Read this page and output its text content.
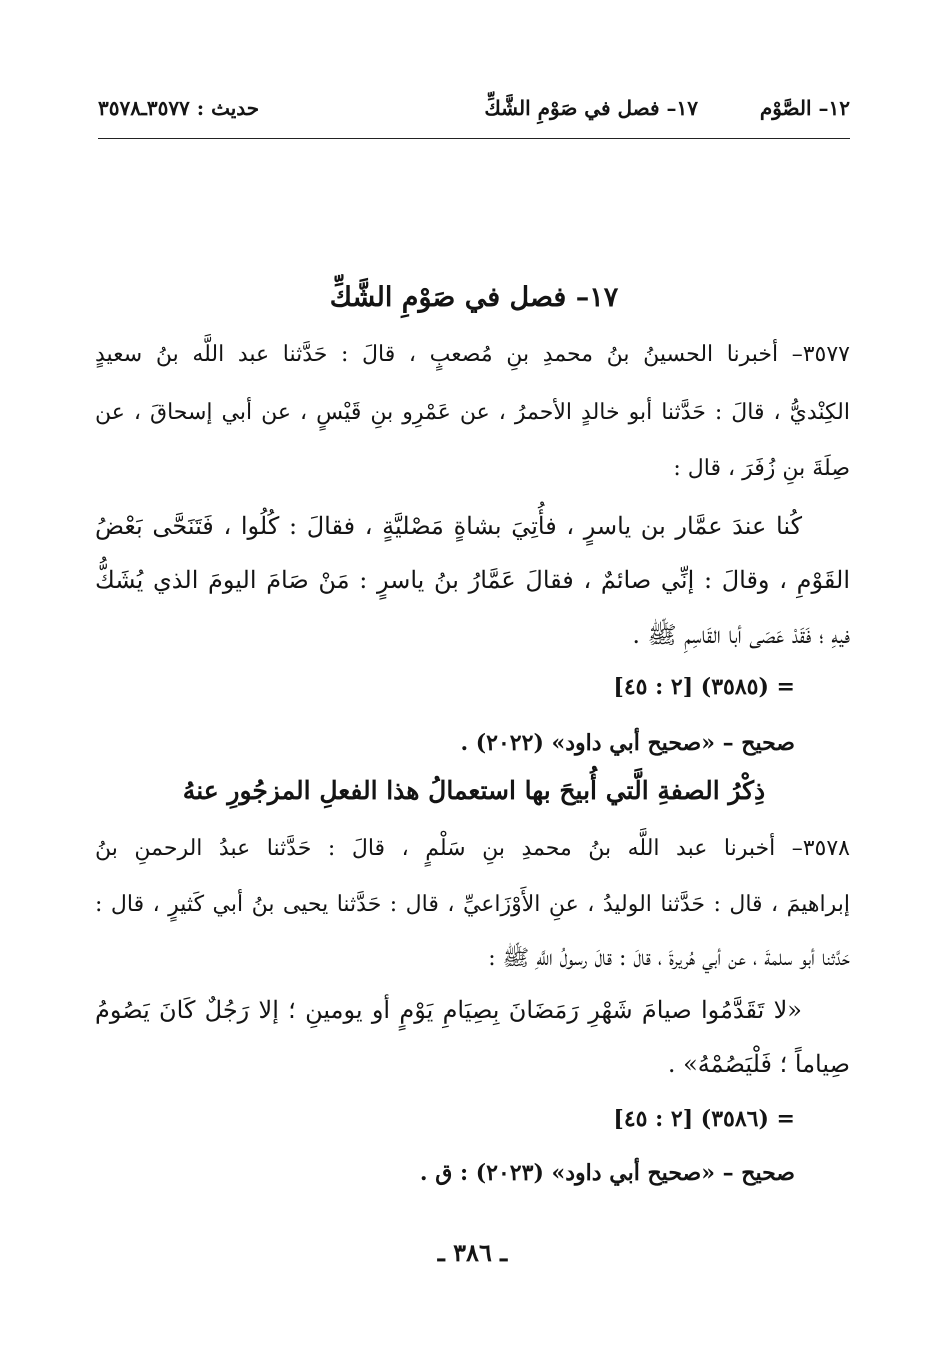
١٢– الصَّوْم
١٧– فصل في صَوْمِ الشَّكِّ
حديث : ٣٥٧٧ـ٣٥٧٨
١٧– فصل في صَوْمِ الشَّكِّ
٣٥٧٧– أخبرنا الحسينُ بنُ محمدِ بنِ مُصعبٍ ، قالَ : حَدَّثنا عبد اللَّه بنُ سعيدٍ
الكِنْديُّ ، قالَ : حَدَّثنا أبو خالدٍ الأحمرُ ، عن عَمْرِو بنِ قَيْسٍ ، عن أبي إسحاقَ ، عن
صِلَةَ بنِ زُفَرَ ، قال :
كُنا عندَ عمَّار بن ياسرٍ ، فأُتِيَ بشاةٍ مَصْليَّةٍ ، فقالَ : كُلُوا ، فَتَنَحَّى بَعْضُ
القَوْمِ ، وقالَ : إنِّي صائمٌ ، فقالَ عَمَّارُ بنُ ياسرٍ : مَنْ صَامَ اليومَ الذي يُشَكُّ
فيهِ ؛ فَقَدْ عَصَى أبا القَاسِمِ ﷺ .
= (٣٥٨٥) [٢ : ٤٥]
صحيح – «صحيح أبي داود» (٢٠٢٢) .
ذِكْرُ الصفةِ الَّتي أُبيحَ بها استعمالُ هذا الفعلِ المزجُورِ عنهُ
٣٥٧٨– أخبرنا عبد اللَّه بنُ محمدِ بنِ سَلْمٍ ، قالَ : حَدَّثنا عبدُ الرحمنِ بنُ
إبراهيمَ ، قال : حَدَّثنا الوليدُ ، عنِ الأَوْزَاعيِّ ، قال : حَدَّثنا يحيى بنُ أبي كَثيرٍ ، قال :
حَدَّثنا أبو سلمةَ ، عن أبي هُريرةَ ، قالَ : قالَ رسولُ اللَّهِ ﷺ :
«لا تَقَدَّمُوا صيامَ شَهْرِ رَمَضَانَ بِصِيَامِ يَوْمٍ أو يومينِ ؛ إلا رَجُلٌ كَانَ يَصُومُ
صِياماً ؛ فَلْيَصُمْهُ» .
= (٣٥٨٦) [٢ : ٤٥]
صحيح – «صحيح أبي داود» (٢٠٢٣) : ق .
ـ ٣٨٦ ـ
